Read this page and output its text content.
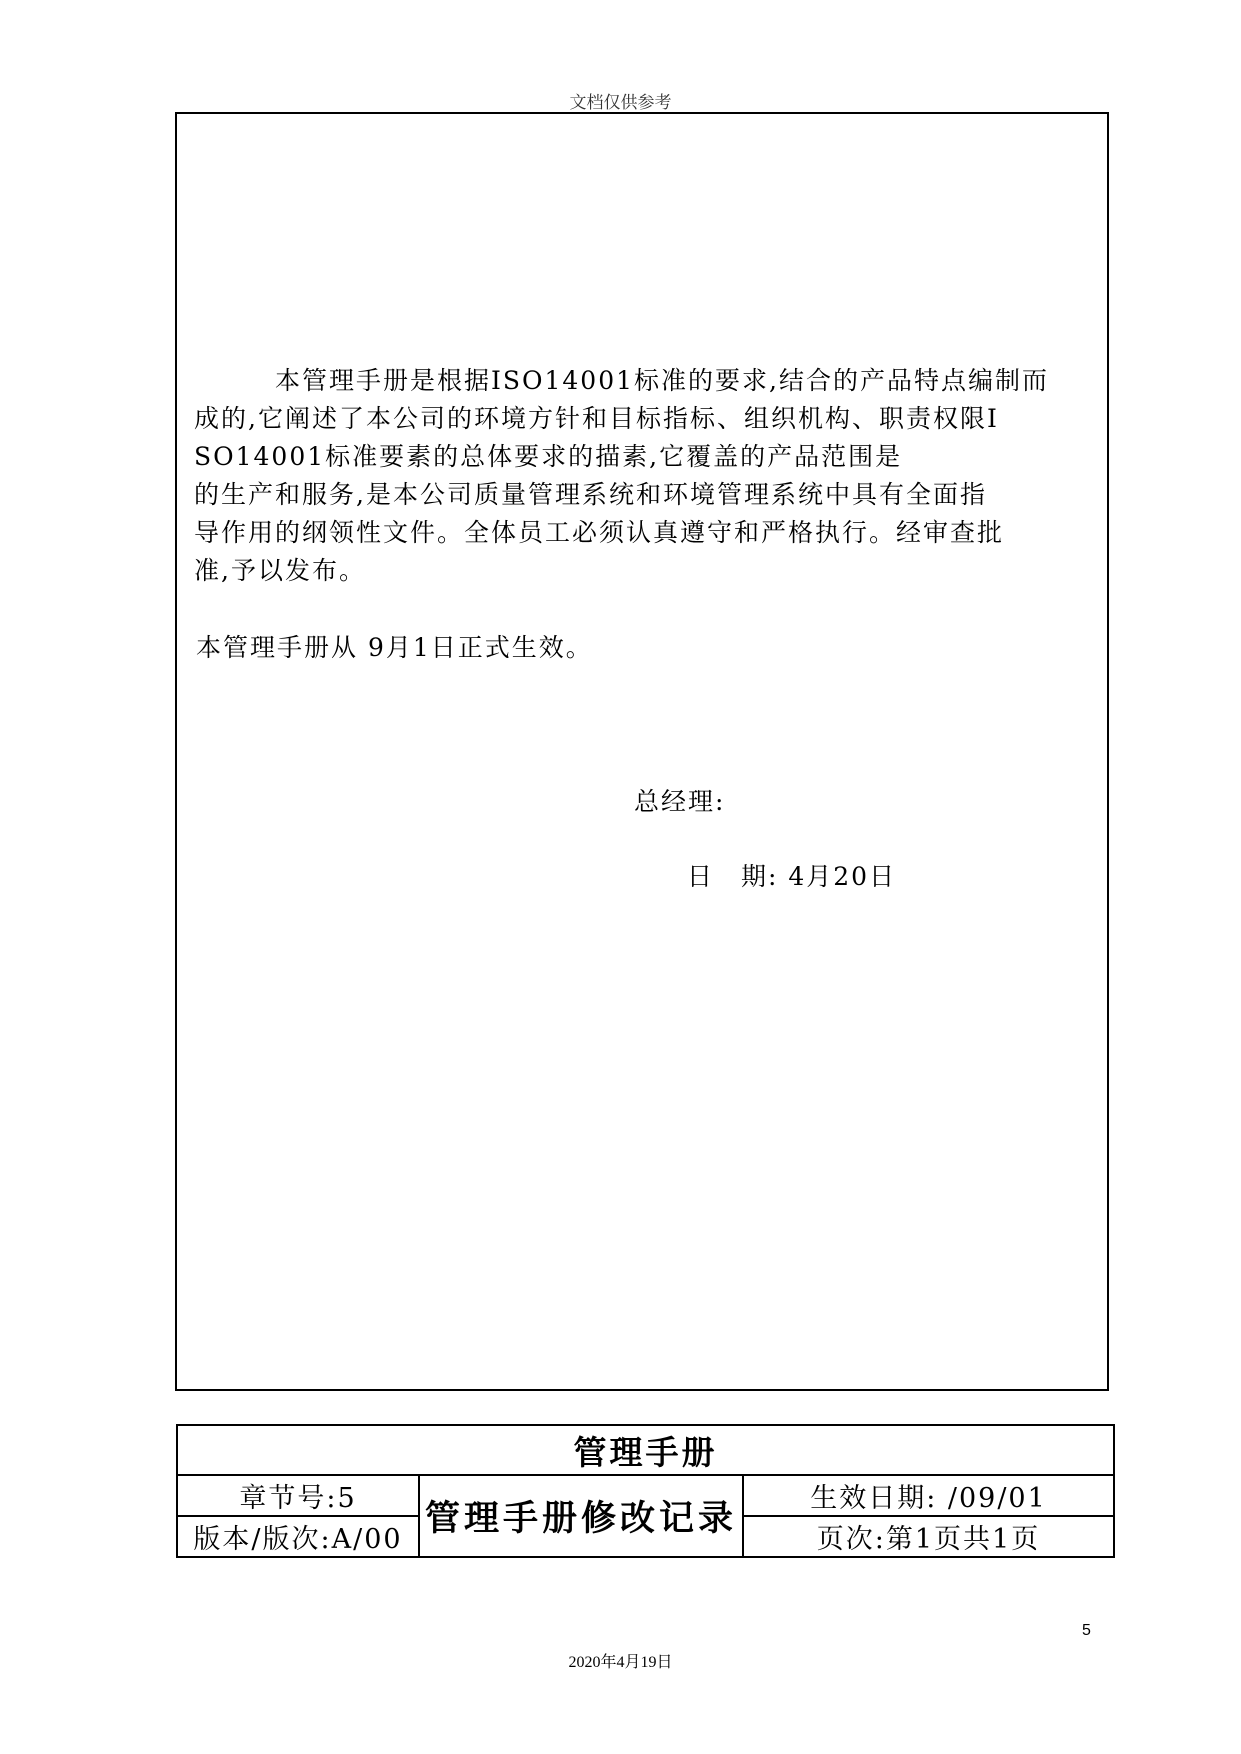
文档仅供参考
　　　本管理手册是根据ISO14001标准的要求,结合的产品特点编制而
成的,它阐述了本公司的环境方针和目标指标、组织机构、职责权限I
SO14001标准要素的总体要求的描素,它覆盖的产品范围是
的生产和服务,是本公司质量管理系统和环境管理系统中具有全面指
导作用的纲领性文件。全体员工必须认真遵守和严格执行。经审查批
准,予以发布。
本管理手册从 9月1日正式生效。
总经理:
日　期: 4月20日
管理手册		
章节号:5	管理手册修改记录	生效日期: /09/01
版本/版次:A/00		页次:第1页共1页
5
2020年4月19日
